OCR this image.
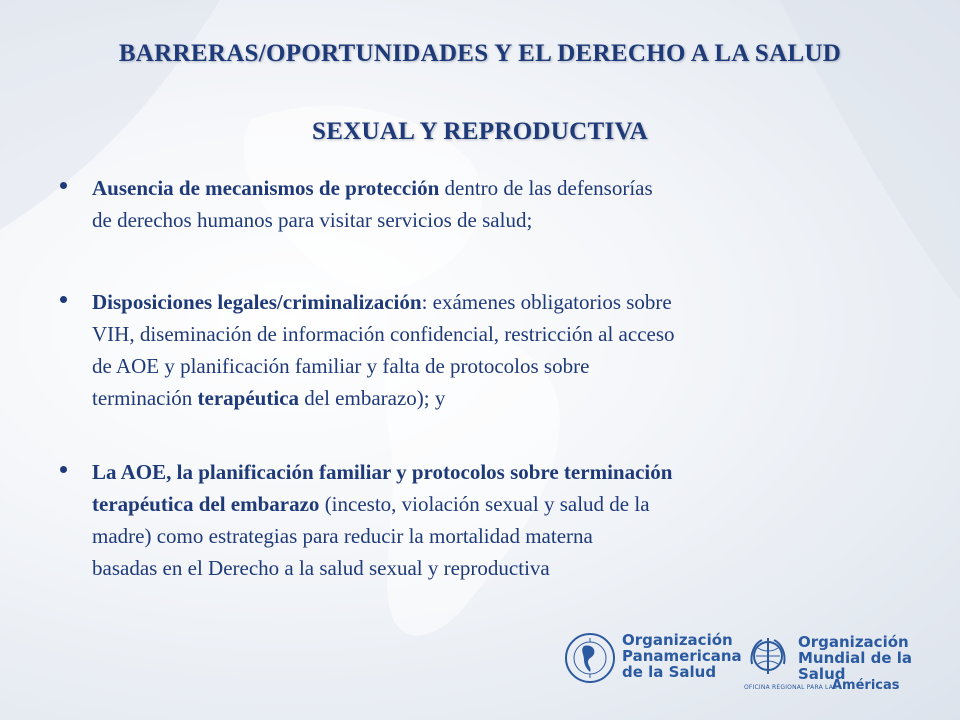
BARRERAS/OPORTUNIDADES Y EL DERECHO A LA SALUD
SEXUAL Y REPRODUCTIVA
Ausencia de mecanismos de protección dentro de las defensorías
de derechos humanos para visitar servicios de salud;
Disposiciones legales/criminalización: exámenes obligatorios sobre
VIH, diseminación de información confidencial, restricción al acceso
de AOE y planificación familiar y falta de protocolos sobre
terminación terapéutica del embarazo); y
La AOE, la planificación familiar y protocolos sobre terminación
terapéutica del embarazo (incesto, violación sexual y salud de la
madre) como estrategias para reducir la mortalidad materna
basadas en el Derecho a la salud sexual y reproductiva
Organización
Panamericana
de la Salud
Organización
Mundial de la Salud
OFICINA REGIONAL PARA LAS
Américas
